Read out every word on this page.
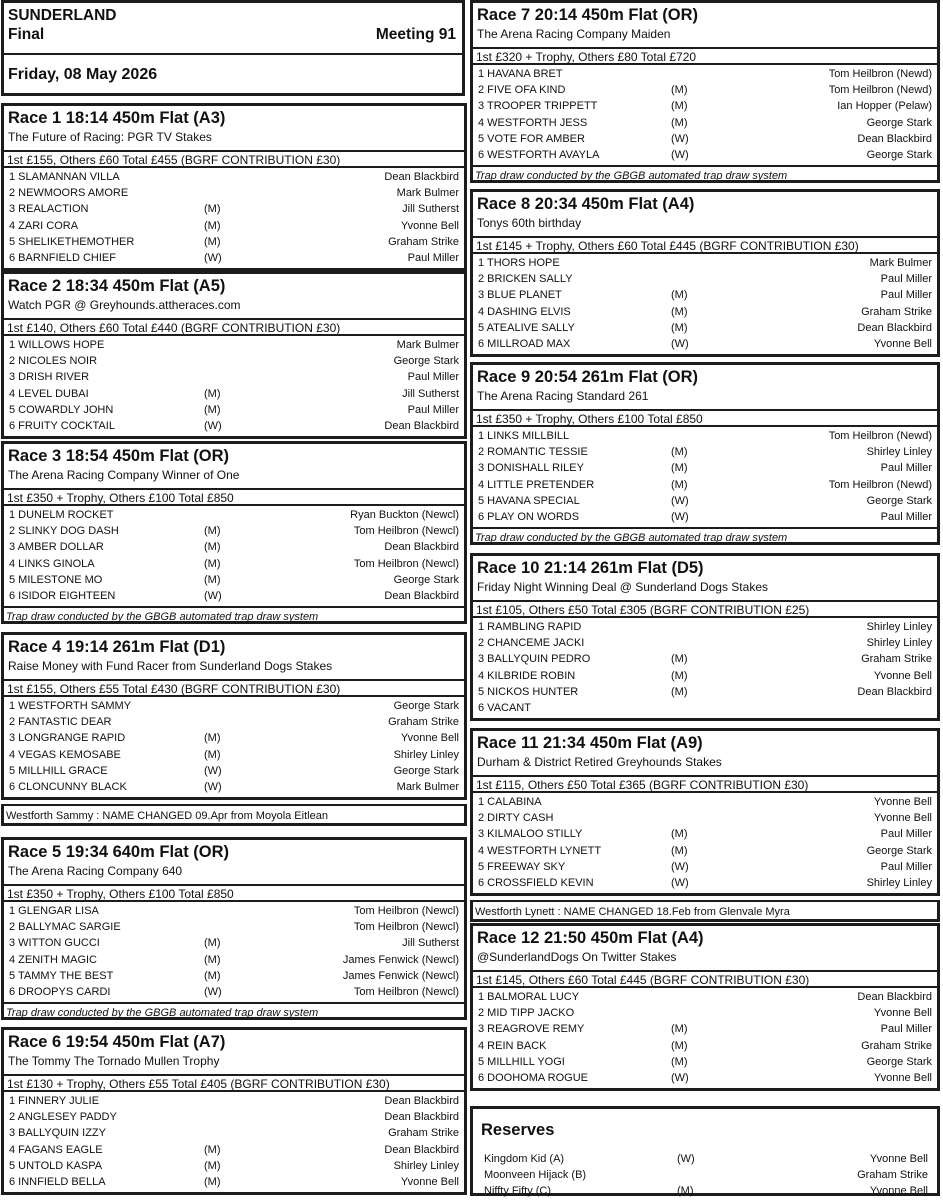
SUNDERLAND
Final	Meeting 91
Friday, 08 May 2026
Race 1 18:14 450m Flat (A3)
The Future of Racing: PGR TV Stakes
1st £155, Others £60 Total £455 (BGRF CONTRIBUTION £30)
1 SLAMANNAN VILLA	Dean Blackbird
2 NEWMOORS AMORE	Mark Bulmer
3 REALACTION	(M)	Jill Sutherst
4 ZARI CORA	(M)	Yvonne Bell
5 SHELIKETHEMOTHER	(M)	Graham Strike
6 BARNFIELD CHIEF	(W)	Paul Miller
Race 2 18:34 450m Flat (A5)
Watch PGR @ Greyhounds.attheraces.com
1st £140, Others £60 Total £440 (BGRF CONTRIBUTION £30)
1 WILLOWS HOPE	Mark Bulmer
2 NICOLES NOIR	George Stark
3 DRISH RIVER	Paul Miller
4 LEVEL DUBAI	(M)	Jill Sutherst
5 COWARDLY JOHN	(M)	Paul Miller
6 FRUITY COCKTAIL	(W)	Dean Blackbird
Race 3 18:54 450m Flat (OR)
The Arena Racing Company Winner of One
1st £350 + Trophy, Others £100 Total £850
1 DUNELM ROCKET	Ryan Buckton (Newcl)
2 SLINKY DOG DASH	(M)	Tom Heilbron (Newcl)
3 AMBER DOLLAR	(M)	Dean Blackbird
4 LINKS GINOLA	(M)	Tom Heilbron (Newcl)
5 MILESTONE MO	(M)	George Stark
6 ISIDOR EIGHTEEN	(W)	Dean Blackbird
Trap draw conducted by the GBGB automated trap draw system
Race 4 19:14 261m Flat (D1)
Raise Money with Fund Racer from Sunderland Dogs Stakes
1st £155, Others £55 Total £430 (BGRF CONTRIBUTION £30)
1 WESTFORTH SAMMY	George Stark
2 FANTASTIC DEAR	Graham Strike
3 LONGRANGE RAPID	(M)	Yvonne Bell
4 VEGAS KEMOSABE	(M)	Shirley Linley
5 MILLHILL GRACE	(W)	George Stark
6 CLONCUNNY BLACK	(W)	Mark Bulmer
Westforth Sammy : NAME CHANGED 09.Apr from Moyola Eitlean
Race 5 19:34 640m Flat (OR)
The Arena Racing Company 640
1st £350 + Trophy, Others £100 Total £850
1 GLENGAR LISA	Tom Heilbron (Newcl)
2 BALLYMAC SARGIE	Tom Heilbron (Newcl)
3 WITTON GUCCI	(M)	Jill Sutherst
4 ZENITH MAGIC	(M)	James Fenwick (Newcl)
5 TAMMY THE BEST	(M)	James Fenwick (Newcl)
6 DROOPYS CARDI	(W)	Tom Heilbron (Newcl)
Trap draw conducted by the GBGB automated trap draw system
Race 6 19:54 450m Flat (A7)
The Tommy The Tornado Mullen Trophy
1st £130 + Trophy, Others £55 Total £405 (BGRF CONTRIBUTION £30)
1 FINNERY JULIE	Dean Blackbird
2 ANGLESEY PADDY	Dean Blackbird
3 BALLYQUIN IZZY	Graham Strike
4 FAGANS EAGLE	(M)	Dean Blackbird
5 UNTOLD KASPA	(M)	Shirley Linley
6 INNFIELD BELLA	(M)	Yvonne Bell
Race 7 20:14 450m Flat (OR)
The Arena Racing Company Maiden
1st £320 + Trophy, Others £80 Total £720
1 HAVANA BRET	Tom Heilbron (Newd)
2 FIVE OFA KIND	(M)	Tom Heilbron (Newd)
3 TROOPER TRIPPETT	(M)	Ian Hopper (Pelaw)
4 WESTFORTH JESS	(M)	George Stark
5 VOTE FOR AMBER	(W)	Dean Blackbird
6 WESTFORTH AVAYLA	(W)	George Stark
Trap draw conducted by the GBGB automated trap draw system
Race 8 20:34 450m Flat (A4)
Tonys 60th birthday
1st £145 + Trophy, Others £60 Total £445 (BGRF CONTRIBUTION £30)
1 THORS HOPE	Mark Bulmer
2 BRICKEN SALLY	Paul Miller
3 BLUE PLANET	(M)	Paul Miller
4 DASHING ELVIS	(M)	Graham Strike
5 ATEALIVE SALLY	(M)	Dean Blackbird
6 MILLROAD MAX	(W)	Yvonne Bell
Race 9 20:54 261m Flat (OR)
The Arena Racing Standard 261
1st £350 + Trophy, Others £100 Total £850
1 LINKS MILLBILL	Tom Heilbron (Newd)
2 ROMANTIC TESSIE	(M)	Shirley Linley
3 DONISHALL RILEY	(M)	Paul Miller
4 LITTLE PRETENDER	(M)	Tom Heilbron (Newd)
5 HAVANA SPECIAL	(W)	George Stark
6 PLAY ON WORDS	(W)	Paul Miller
Trap draw conducted by the GBGB automated trap draw system
Race 10 21:14 261m Flat (D5)
Friday Night Winning Deal @ Sunderland Dogs Stakes
1st £105, Others £50 Total £305 (BGRF CONTRIBUTION £25)
1 RAMBLING RAPID	Shirley Linley
2 CHANCEME JACKI	Shirley Linley
3 BALLYQUIN PEDRO	(M)	Graham Strike
4 KILBRIDE ROBIN	(M)	Yvonne Bell
5 NICKOS HUNTER	(M)	Dean Blackbird
6 VACANT
Race 11 21:34 450m Flat (A9)
Durham & District Retired Greyhounds Stakes
1st £115, Others £50 Total £365 (BGRF CONTRIBUTION £30)
1 CALABINA	Yvonne Bell
2 DIRTY CASH	Yvonne Bell
3 KILMALOO STILLY	(M)	Paul Miller
4 WESTFORTH LYNETT	(M)	George Stark
5 FREEWAY SKY	(W)	Paul Miller
6 CROSSFIELD KEVIN	(W)	Shirley Linley
Westforth Lynett : NAME CHANGED 18.Feb from Glenvale Myra
Race 12 21:50 450m Flat (A4)
@SunderlandDogs On Twitter Stakes
1st £145, Others £60 Total £445 (BGRF CONTRIBUTION £30)
1 BALMORAL LUCY	Dean Blackbird
2 MID TIPP JACKO	Yvonne Bell
3 REAGROVE REMY	(M)	Paul Miller
4 REIN BACK	(M)	Graham Strike
5 MILLHILL YOGI	(M)	George Stark
6 DOOHOMA ROGUE	(W)	Yvonne Bell
Reserves
Kingdom Kid (A)	(W)	Yvonne Bell
Moonveen Hijack (B)	Graham Strike
Niffty Fifty (C)	(M)	Yvonne Bell
